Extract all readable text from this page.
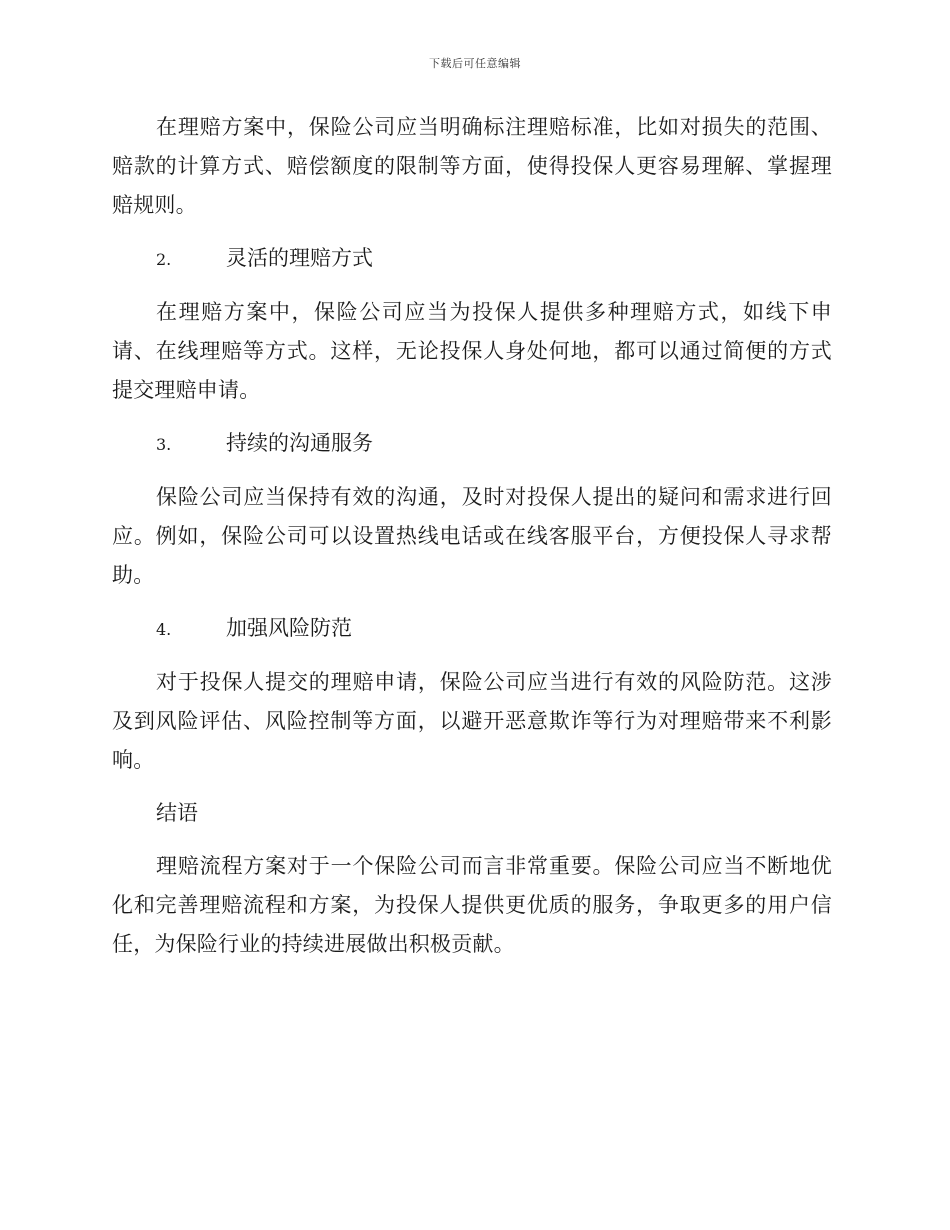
下载后可任意编辑

在理赔方案中，保险公司应当明确标注理赔标准，比如对损失的范围、赔款的计算方式、赔偿额度的限制等方面，使得投保人更容易理解、掌握理赔规则。

2.	灵活的理赔方式

在理赔方案中，保险公司应当为投保人提供多种理赔方式，如线下申请、在线理赔等方式。这样，无论投保人身处何地，都可以通过简便的方式提交理赔申请。

3.	持续的沟通服务

保险公司应当保持有效的沟通，及时对投保人提出的疑问和需求进行回应。例如，保险公司可以设置热线电话或在线客服平台，方便投保人寻求帮助。

4.	加强风险防范

对于投保人提交的理赔申请，保险公司应当进行有效的风险防范。这涉及到风险评估、风险控制等方面，以避开恶意欺诈等行为对理赔带来不利影响。

结语

理赔流程方案对于一个保险公司而言非常重要。保险公司应当不断地优化和完善理赔流程和方案，为投保人提供更优质的服务，争取更多的用户信任，为保险行业的持续进展做出积极贡献。
